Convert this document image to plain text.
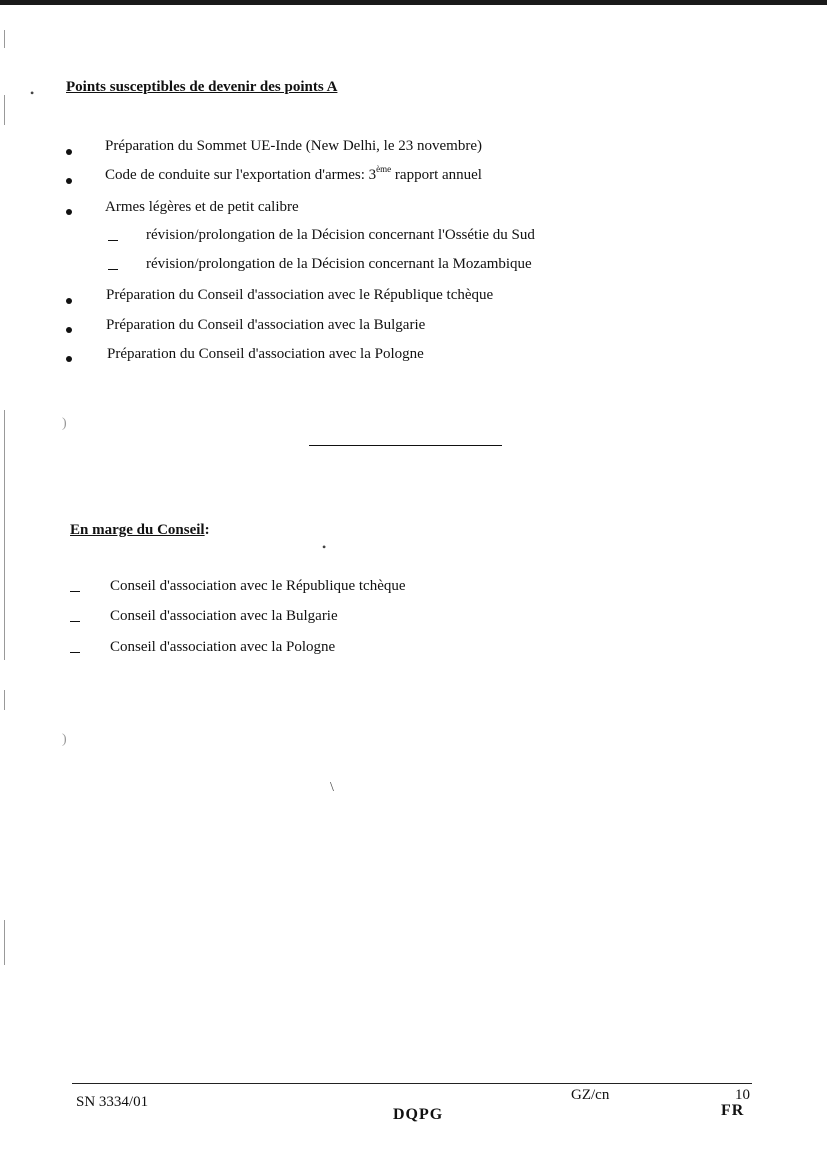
Points susceptibles de devenir des points A
Préparation du Sommet UE-Inde (New Delhi, le 23 novembre)
Code de conduite sur l'exportation d'armes: 3ème rapport annuel
Armes légères et de petit calibre
révision/prolongation de la Décision concernant l'Ossétie du Sud
révision/prolongation de la Décision concernant la Mozambique
Préparation du Conseil d'association avec le République tchèque
Préparation du Conseil d'association avec la Bulgarie
Préparation du Conseil d'association avec la Pologne
En marge du Conseil:
Conseil d'association avec le République tchèque
Conseil d'association avec la Bulgarie
Conseil d'association avec la Pologne
•
)
)
\
•
SN 3334/01	GZ/cn	10
DQPG	FR
